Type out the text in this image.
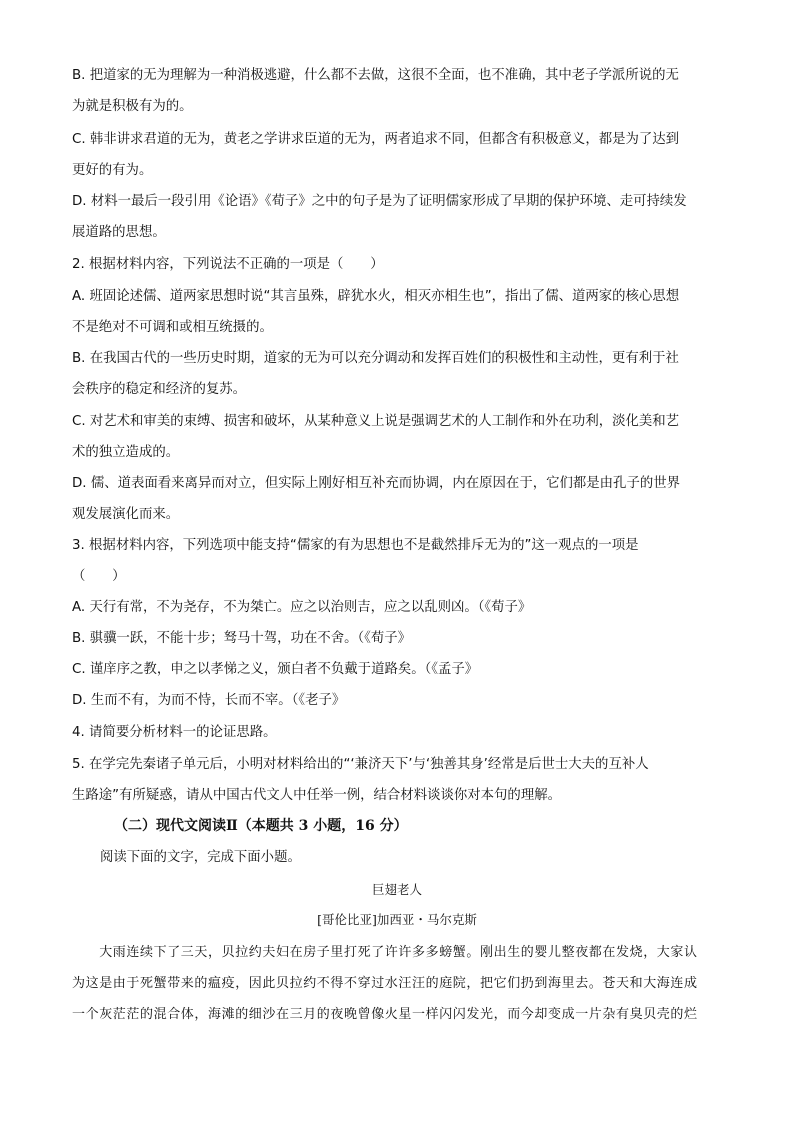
B. 把道家的无为理解为一种消极逃避，什么都不去做，这很不全面，也不准确，其中老子学派所说的无
为就是积极有为的。
C. 韩非讲求君道的无为，黄老之学讲求臣道的无为，两者追求不同，但都含有积极意义，都是为了达到
更好的有为。
D. 材料一最后一段引用《论语》《荀子》之中的句子是为了证明儒家形成了早期的保护环境、走可持续发
展道路的思想。
2. 根据材料内容，下列说法不正确的一项是（　　）
A. 班固论述儒、道两家思想时说“其言虽殊，辟犹水火，相灭亦相生也”，指出了儒、道两家的核心思想
不是绝对不可调和或相互统摄的。
B. 在我国古代的一些历史时期，道家的无为可以充分调动和发挥百姓们的积极性和主动性，更有利于社
会秩序的稳定和经济的复苏。
C. 对艺术和审美的束缚、损害和破坏，从某种意义上说是强调艺术的人工制作和外在功利，淡化美和艺
术的独立造成的。
D. 儒、道表面看来离异而对立，但实际上刚好相互补充而协调，内在原因在于，它们都是由孔子的世界
观发展演化而来。
3. 根据材料内容，下列选项中能支持“儒家的有为思想也不是截然排斥无为的”这一观点的一项是
（　　）
A. 天行有常，不为尧存，不为桀亡。应之以治则吉，应之以乱则凶。（《荀子》
B. 骐骥一跃，不能十步；驽马十驾，功在不舍。（《荀子》
C. 谨庠序之教，申之以孝悌之义，颁白者不负戴于道路矣。（《孟子》
D. 生而不有，为而不恃，长而不宰。（《老子》
4. 请简要分析材料一的论证思路。
5. 在学完先秦诸子单元后，小明对材料给出的“‘兼济天下’与‘独善其身’经常是后世士大夫的互补人
生路途”有所疑惑，请从中国古代文人中任举一例，结合材料谈谈你对本句的理解。

（二）现代文阅读Ⅱ（本题共 3 小题，16 分）

阅读下面的文字，完成下面小题。

巨翅老人

[哥伦比亚]加西亚・马尔克斯

　　大雨连续下了三天，贝拉约夫妇在房子里打死了许许多多螃蟹。刚出生的婴儿整夜都在发烧，大家认
为这是由于死蟹带来的瘟疫，因此贝拉约不得不穿过水汪汪的庭院，把它们扔到海里去。苍天和大海连成
一个灰茫茫的混合体，海滩的细沙在三月的夜晚曾像火星一样闪闪发光，而今却变成一片杂有臭贝壳的烂
